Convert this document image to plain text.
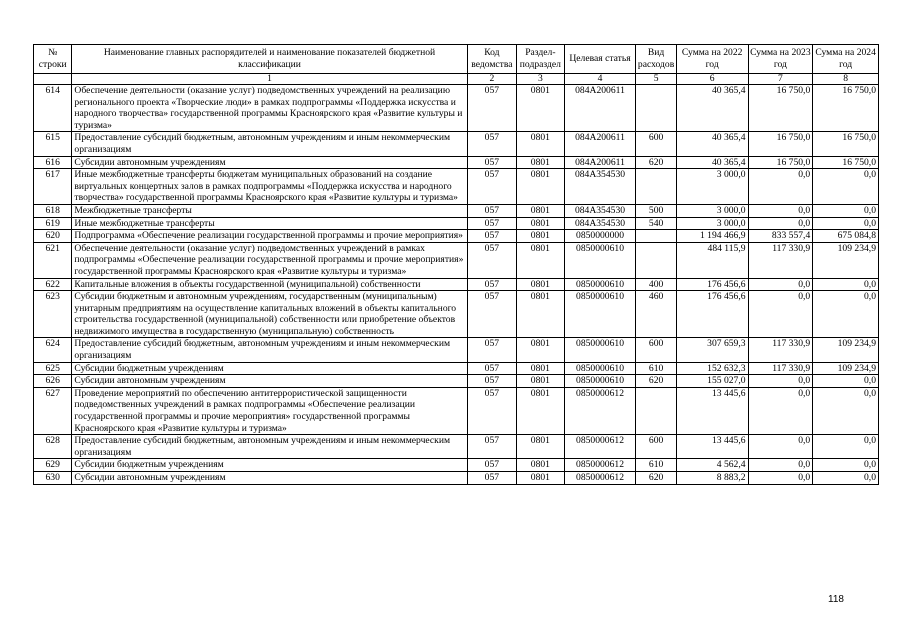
№ строки	Наименование главных распорядителей и наименование показателей бюджетной классификации	Код ведомства	Раздел-подраздел	Целевая статья	Вид расходов	Сумма на 2022 год	Сумма на 2023 год	Сумма на 2024 год
	1	2	3	4	5	6	7	8
614	Обеспечение деятельности (оказание услуг) подведомственных учреждений на реализацию регионального проекта «Творческие люди» в рамках подпрограммы «Поддержка искусства и народного творчества» государственной программы Красноярского края «Развитие культуры и туризма»	057	0801	084A200611		40 365,4	16 750,0	16 750,0
615	Предоставление субсидий бюджетным, автономным учреждениям и иным некоммерческим организациям	057	0801	084A200611	600	40 365,4	16 750,0	16 750,0
616	Субсидии автономным учреждениям	057	0801	084A200611	620	40 365,4	16 750,0	16 750,0
617	Иные межбюджетные трансферты бюджетам муниципальных образований на создание виртуальных концертных залов в рамках подпрограммы «Поддержка искусства и народного творчества» государственной программы Красноярского края «Развитие культуры и туризма»	057	0801	084A354530		3 000,0	0,0	0,0
618	Межбюджетные трансферты	057	0801	084A354530	500	3 000,0	0,0	0,0
619	Иные межбюджетные трансферты	057	0801	084A354530	540	3 000,0	0,0	0,0
620	Подпрограмма «Обеспечение реализации государственной программы и прочие мероприятия»	057	0801	0850000000		1 194 466,9	833 557,4	675 084,8
621	Обеспечение деятельности (оказание услуг) подведомственных учреждений в рамках подпрограммы «Обеспечение реализации государственной программы и прочие мероприятия» государственной программы Красноярского края «Развитие культуры и туризма»	057	0801	0850000610		484 115,9	117 330,9	109 234,9
622	Капитальные вложения в объекты государственной (муниципальной) собственности	057	0801	0850000610	400	176 456,6	0,0	0,0
623	Субсидии бюджетным и автономным учреждениям, государственным (муниципальным) унитарным предприятиям на осуществление капитальных вложений в объекты капитального строительства государственной (муниципальной) собственности или приобретение объектов недвижимого имущества в государственную (муниципальную) собственность	057	0801	0850000610	460	176 456,6	0,0	0,0
624	Предоставление субсидий бюджетным, автономным учреждениям и иным некоммерческим организациям	057	0801	0850000610	600	307 659,3	117 330,9	109 234,9
625	Субсидии бюджетным учреждениям	057	0801	0850000610	610	152 632,3	117 330,9	109 234,9
626	Субсидии автономным учреждениям	057	0801	0850000610	620	155 027,0	0,0	0,0
627	Проведение мероприятий по обеспечению антитеррористической защищенности подведомственных учреждений в рамках подпрограммы «Обеспечение реализации государственной программы и прочие мероприятия» государственной программы Красноярского края «Развитие культуры и туризма»	057	0801	0850000612		13 445,6	0,0	0,0
628	Предоставление субсидий бюджетным, автономным учреждениям и иным некоммерческим организациям	057	0801	0850000612	600	13 445,6	0,0	0,0
629	Субсидии бюджетным учреждениям	057	0801	0850000612	610	4 562,4	0,0	0,0
630	Субсидии автономным учреждениям	057	0801	0850000612	620	8 883,2	0,0	0,0
118
